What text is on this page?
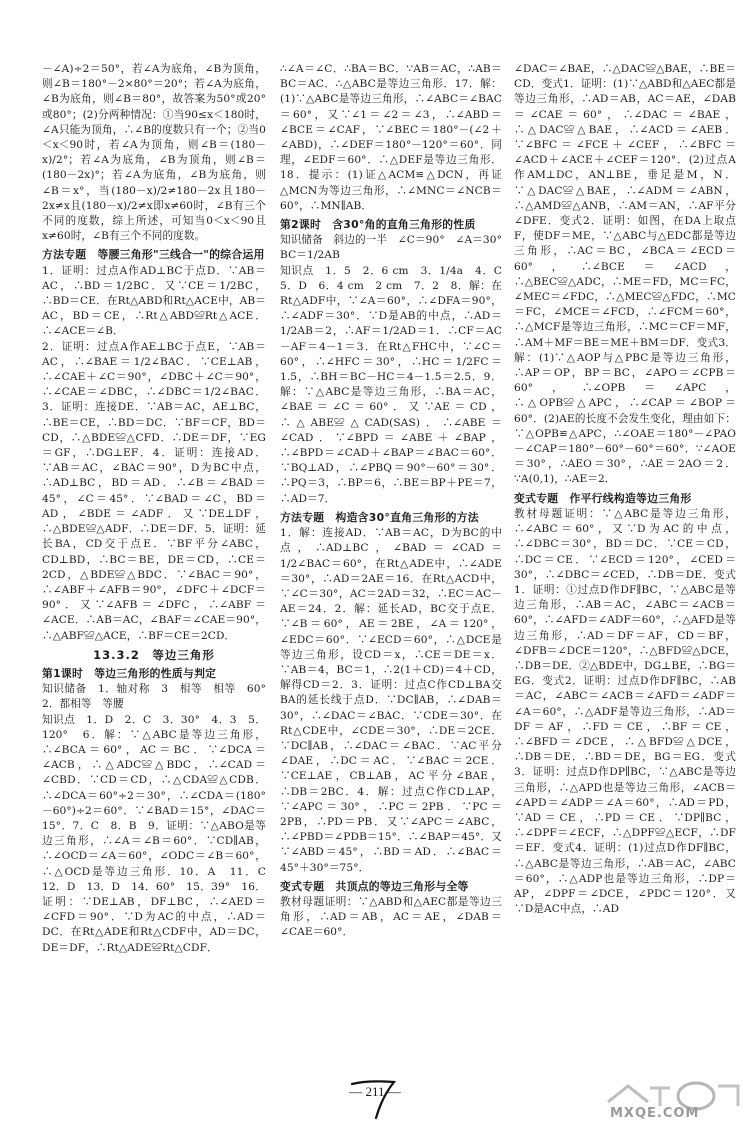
－∠A)÷2＝50°，若∠A为底角，∠B为顶角，则∠B＝180°－2×80°＝20°；若∠A为底角，∠B为底角，则∠B＝80°，故答案为50°或20°或80°；(2)分两种情况：①当90≤x＜180时，∠A只能为顶角，∴∠B的度数只有一个；②当0＜x＜90时，若∠A为顶角，则∠B＝(180－x)/2°；若∠A为底角，∠B为顶角，则∠B＝(180－2x)°；若∠A为底角，∠B为底角，则∠B＝x°，当(180－x)/2≠180－2x且180－2x≠x且(180－x)/2≠x即x≠60时，∠B有三个不同的度数，综上所述，可知当0＜x＜90且x≠60时，∠B有三个不同的度数。

方法专题　等腰三角形"三线合一"的综合运用

1．证明：过点A作AD⊥BC于点D．∵AB＝AC，∴BD＝1/2BC．又∵CE＝1/2BC，∴BD＝CE．在Rt△ABD和Rt△ACE中，AB＝AC，BD＝CE，∴Rt△ABD≌Rt△ACE．∴∠ACE＝∠B．

2．证明：过点A作AE⊥BC于点E，∵AB＝AC，∴∠BAE＝1/2∠BAC．∵CE⊥AB，∴∠CAE＋∠C＝90°，∠DBC＋∠C＝90°，∴∠CAE＝∠DBC，∴∠DBC＝1/2∠BAC．3．证明：连接DE．∵AB＝AC，AE⊥BC，∴BE＝CE，∴BD＝DC．∵BF＝CF，BD＝CD，∴△BDE≌△CFD．∴DE＝DF，∵EG＝GF，∴DG⊥EF．4．证明：连接AD．∵AB＝AC，∠BAC＝90°，D为BC中点，∴AD⊥BC，BD＝AD．∴∠B＝∠BAD＝45°，∠C＝45°．∵∠BAD＝∠C，BD＝AD，∠BDE＝∠ADF．又∵DE⊥DF，∴△BDE≌△ADF．∴DE＝DF．5．证明：延长BA，CD交于点E．∵BF平分∠ABC，CD⊥BD，∴BC＝BE，DE＝CD，∴CE＝2CD，△BDE≌△BDC．∵∠BAC＝90°，∴∠ABF＋∠AFB＝90°，∠DFC＋∠DCF＝90°．又∵∠AFB＝∠DFC，∴∠ABF＝∠ACE．∴AB＝AC，∠BAF＝∠CAE＝90°，∴△ABF≌△ACE，∴BF＝CE＝2CD．

13.3.2　等边三角形
第1课时　等边三角形的性质与判定

知识储备　1．轴对称　3　相等　相等　60°　2．都相等　等腰

知识点　1．D　2．C　3．30°　4．3　5．120°　6．解：∵△ABC是等边三角形，∴∠BCA＝60°，AC＝BC．∵∠DCA＝∠ACB，∴△ADC≌△BDC，∴∠CAD＝∠CBD．∵CD＝CD，∴△CDA≌△CDB．∴∠DCA＝60°÷2＝30°，∴∠CDA＝(180°－60°)÷2＝60°．∵∠BAD＝15°，∠DAC＝15°．7．C　8．B　9．证明：∵△ABO是等边三角形，∴∠A＝∠B＝60°．∵CD∥AB，∴∠OCD＝∠A＝60°，∠ODC＝∠B＝60°，∴△OCD是等边三角形．10．A　11．C　12．D　13．D　14．60°　15．39°　16．证明：∵DE⊥AB，DF⊥BC，∴∠AED＝∠CFD＝90°．∵D为AC的中点，∴AD＝DC．在Rt△ADE和Rt△CDF中，AD＝DC，DE＝DF，∴Rt△ADE≌Rt△CDF．

∴∠A＝∠C．∴BA＝BC．∵AB＝AC，∴AB＝BC＝AC．∴△ABC是等边三角形．17．解：(1)∵△ABC是等边三角形，∴∠ABC＝∠BAC＝60°，又∵∠1＝∠2＝∠3，∴∠ABD＝∠BCE＝∠CAF，∵∠BEC＝180°－(∠2＋∠ABD)，∴∠DEF＝180°－120°＝60°．同理，∠EDF＝60°．∴△DEF是等边三角形．18．提示：(1)证△ACM≌△DCN，再证△MCN为等边三角形，∴∠MNC＝∠NCB＝60°，∴MN∥AB．

第2课时　含30°角的直角三角形的性质

知识储备　斜边的一半　∠C＝90°　∠A＝30°　BC＝1/2AB

知识点　1．5　2．6 cm　3．1/4a　4．C　5．D　6．4 cm　2 cm　7．2　8．解：在Rt△ADF中，∵∠A＝60°，∴∠DFA＝90°，∴∠ADF＝30°．∵D是AB的中点，∴AD＝1/2AB＝2，∴AF＝1/2AD＝1．∴CF＝AC－AF＝4－1＝3．在Rt△FHC中，∵∠C＝60°，∴∠HFC＝30°，∴HC＝1/2FC＝1.5，∴BH＝BC－HC＝4－1.5＝2.5．9．解：∵△ABC是等边三角形，∴BA＝AC，∠BAE＝∠C＝60°．又∵AE＝CD，∴△ABE≌△CAD(SAS)．∴∠ABE＝∠CAD．∵∠BPD＝∠ABE＋∠BAP，∴∠BPD＝∠CAD＋∠BAP＝∠BAC＝60°．∵BQ⊥AD，∴∠PBQ＝90°－60°＝30°．∴PQ＝3，∴BP＝6，∴BE＝BP＋PE＝7，∴AD＝7．

方法专题　构造含30°直角三角形的方法

1．解：连接AD．∵AB＝AC，D为BC的中点，∴AD⊥BC，∠BAD＝∠CAD＝1/2∠BAC＝60°，在Rt△ADE中，∴∠ADE＝30°，∴AD＝2AE＝16．在Rt△ACD中，∵∠C＝30°，AC＝2AD＝32，∴EC＝AC－AE＝24．2．解：延长AD，BC交于点E．∵∠B＝60°，AE＝2BE，∠A＝120°，∠EDC＝60°．∵∠ECD＝60°，∴△DCE是等边三角形，设CD＝x，∴CE＝DE＝x．∵AB＝4，BC＝1，∴2(1＋CD)＝4＋CD，解得CD＝2．3．证明：过点C作CD⊥BA交BA的延长线于点D．∵DC∥AB，∴∠DAB＝30°，∴∠DAC＝∠BAC．∵CDE＝30°．在Rt△CDE中，∠CDE＝30°，∴DE＝2CE．∵DC∥AB，∴∠DAC＝∠BAC．∵AC平分∠DAE，∴DC＝AC．∵∠BAC＝2CE．∵CE⊥AE，CB⊥AB，AC平分∠BAE，∴DB＝2BC．4．解：过点C作CD⊥AP，∵∠APC＝30°，∴PC＝2PB．∵PC＝2PB，∴PD＝PB．又∵∠APC＝∠ABC，∴∠PBD＝∠PDB＝15°．∴∠BAP＝45°．又∵∠ABD＝45°，∴BD＝AD．∴∠BAC＝45°＋30°＝75°．

变式专题　共顶点的等边三角形与全等

教材母题证明：∵△ABD和△AEC都是等边三角形，∴AD＝AB，AC＝AE，∠DAB＝∠CAE＝60°．

∠DAC＝∠BAE，∴△DAC≌△BAE，∴BE＝CD．变式1．证明：(1)∵△ABD和△AEC都是等边三角形，∴AD＝AB，AC＝AE，∠DAB＝∠CAE＝60°，∴∠DAC＝∠BAE，∴△DAC≌△BAE，∴∠ACD＝∠AEB．∵∠BFC＝∠FCE＋∠CEF，∴∠BFC＝∠ACD＋∠ACE＋∠CEF＝120°．(2)过点A作AM⊥DC，AN⊥BE，垂足是M，N．∵△DAC≌△BAE，∴∠ADM＝∠ABN，∴△AMD≌△ANB，∴AM＝AN，∴AF平分∠DFE．变式2．证明：如图，在DA上取点F，使DF＝ME，∵△ABC与△EDC都是等边三角形，∴AC＝BC，∠BCA＝∠ECD＝60°，∴∠BCE＝∠ACD，∴△BEC≌△ADC，∴ME＝FD，MC＝FC，∠MEC＝∠FDC，∴△MEC≌△FDC，∴MC＝FC，∠MCE＝∠FCD，∴∠FCM＝60°，∴△MCF是等边三角形，∴MC＝CF＝MF，∴AM＋MF＝BE＝ME＋BM＝DF．变式3．解：(1)∵△AOP与△PBC是等边三角形，∴AP＝OP，BP＝BC，∠APO＝∠CPB＝60°，∴∠OPB＝∠APC，∴△OPB≌△APC，∴∠CAP＝∠BOP＝60°．(2)AE的长度不会发生变化，理由如下：∵△OPB≌△APC，∴∠OAE＝180°－∠PAO－∠CAP＝180°－60°－60°＝60°．∵∠AOE＝30°，∴AEO＝30°，∴AE＝2AO＝2．∵A(0,1)，∴AE＝2．

变式专题　作平行线构造等边三角形

教材母题证明：∵△ABC是等边三角形，∴∠ABC＝60°，又∵D为AC的中点，∴∠DBC＝30°，BD＝DC．∵CE＝CD，∴DC＝CE．∵∠ECD＝120°，∠CED＝30°，∴∠DBC＝∠CED，∴DB＝DE．变式1．证明：①过点D作DF∥BC，∵△ABC是等边三角形，∴AB＝AC，∠ABC＝∠ACB＝60°，∴∠AFD＝∠ADF＝60°，∴△AFD是等边三角形，∴AD＝DF＝AF，CD＝BF，∠DFB＝∠DCE＝120°，∴△BFD≌△DCE，∴DB＝DE．②△BDE中，DG⊥BE，∴BG＝EG．变式2．证明：过点D作DF∥BC，∴AB＝AC，∠ABC＝∠ACB＝∠AFD＝∠ADF＝∠A＝60°，∴△ADF是等边三角形，∴AD＝DF＝AF，∴FD＝CE，∴BF＝CE，∴∠BFD＝∠DCE，∴△BFD≌△DCE，∴DB＝DE．∴BD＝DE，BG＝EG．变式3．证明：过点D作DP∥BC，∵△ABC是等边三角形，∴△APD也是等边三角形，∠ACB＝∠APD＝∠ADP＝∠A＝60°，∴AD＝PD，∵AD＝CE，∴PD＝CE．∵DP∥BC，∴∠DPF＝∠ECF，∴△DPF≌△ECF，∴DF＝EF．变式4．证明：(1)过点D作DF∥BC，∴△ABC是等边三角形，∴AB＝AC，∠ABC＝60°，∴△ADP也是等边三角形，∴DP＝AP，∠DPF＝∠DCE，∠PDC＝120°．又∵D是AC中点，∴AD

— 211 —
MXQE.COM
